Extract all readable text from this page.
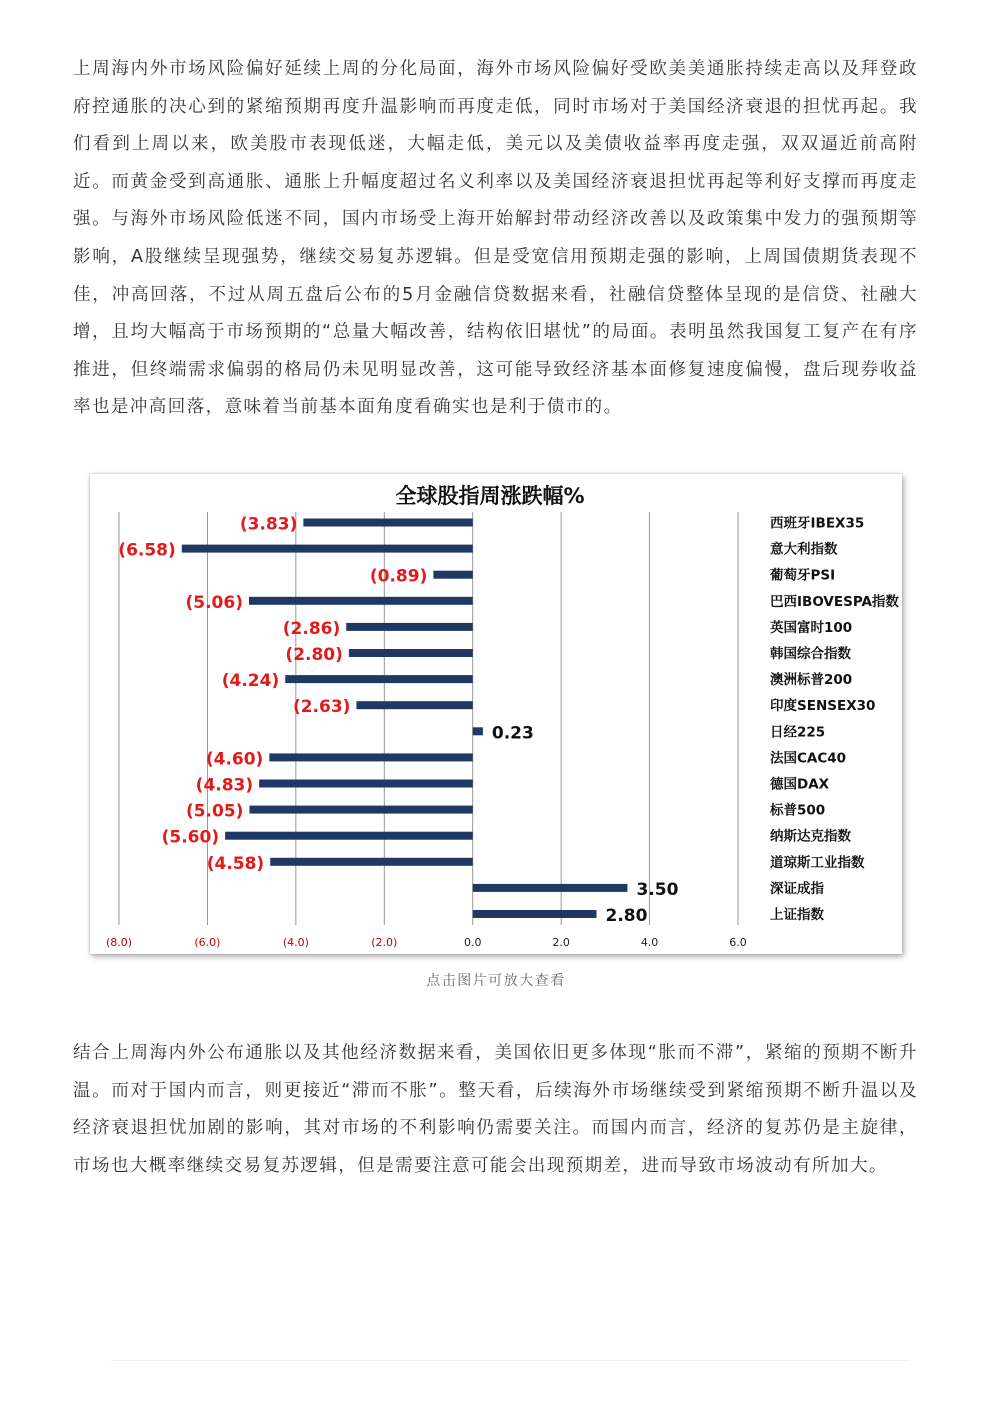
上周海内外市场风险偏好延续上周的分化局面，海外市场风险偏好受欧美美通胀持续走高以及拜登政府控通胀的决心到的紧缩预期再度升温影响而再度走低，同时市场对于美国经济衰退的担忧再起。我们看到上周以来，欧美股市表现低迷，大幅走低，美元以及美债收益率再度走强，双双逼近前高附近。而黄金受到高通胀、通胀上升幅度超过名义利率以及美国经济衰退担忧再起等利好支撑而再度走强。与海外市场风险低迷不同，国内市场受上海开始解封带动经济改善以及政策集中发力的强预期等影响，A股继续呈现强势，继续交易复苏逻辑。但是受宽信用预期走强的影响，上周国债期货表现不佳，冲高回落，不过从周五盘后公布的5月金融信贷数据来看，社融信贷整体呈现的是信贷、社融大增，且均大幅高于市场预期的“总量大幅改善，结构依旧堪忧”的局面。表明虽然我国复工复产在有序推进，但终端需求偏弱的格局仍未见明显改善，这可能导致经济基本面修复速度偏慢，盘后现券收益率也是冲高回落，意味着当前基本面角度看确实也是利于债市的。

全球股指周涨跌幅%
(3.83)
(6.58)
(0.89)
(5.06)
(2.86)
(2.80)
(4.24)
(2.63)
0.23
(4.60)
(4.83)
(5.05)
(5.60)
(4.58)
3.50
2.80
西班牙IBEX35
意大利指数
葡萄牙PSI
巴西IBOVESPA指数
英国富时100
韩国综合指数
澳洲标普200
印度SENSEX30
日经225
法国CAC40
德国DAX
标普500
纳斯达克指数
道琼斯工业指数
深证成指
上证指数
(8.0)	(6.0)	(4.0)	(2.0)	0.0	2.0	4.0	6.0
点击图片可放大查看

结合上周海内外公布通胀以及其他经济数据来看，美国依旧更多体现“胀而不滞”，紧缩的预期不断升温。而对于国内而言，则更接近“滞而不胀”。整天看，后续海外市场继续受到紧缩预期不断升温以及经济衰退担忧加剧的影响，其对市场的不利影响仍需要关注。而国内而言，经济的复苏仍是主旋律，市场也大概率继续交易复苏逻辑，但是需要注意可能会出现预期差，进而导致市场波动有所加大。
